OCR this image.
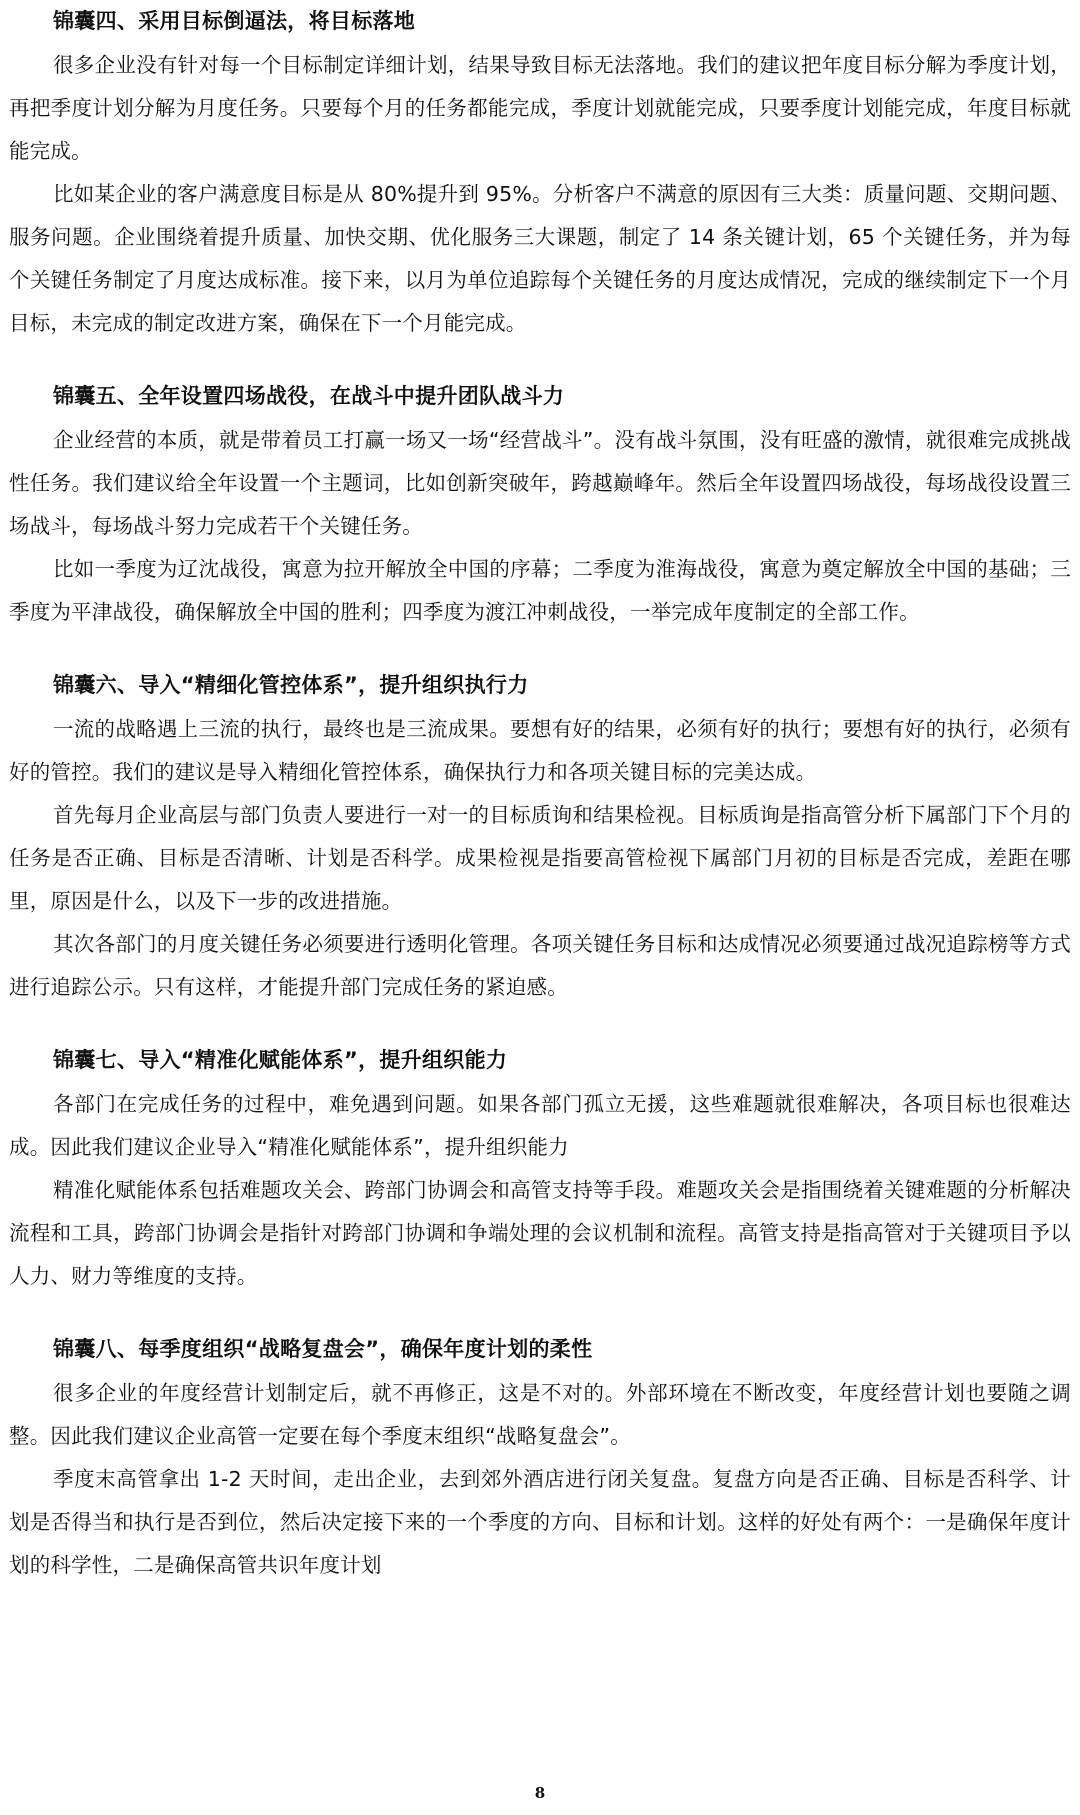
锦囊四、采用目标倒逼法，将目标落地

很多企业没有针对每一个目标制定详细计划，结果导致目标无法落地。我们的建议把年度目标分解为季度计划，再把季度计划分解为月度任务。只要每个月的任务都能完成，季度计划就能完成，只要季度计划能完成，年度目标就能完成。

比如某企业的客户满意度目标是从 80%提升到 95%。分析客户不满意的原因有三大类：质量问题、交期问题、服务问题。企业围绕着提升质量、加快交期、优化服务三大课题，制定了 14 条关键计划，65 个关键任务，并为每个关键任务制定了月度达成标准。接下来，以月为单位追踪每个关键任务的月度达成情况，完成的继续制定下一个月目标，未完成的制定改进方案，确保在下一个月能完成。

锦囊五、全年设置四场战役，在战斗中提升团队战斗力

企业经营的本质，就是带着员工打赢一场又一场“经营战斗”。没有战斗氛围，没有旺盛的激情，就很难完成挑战性任务。我们建议给全年设置一个主题词，比如创新突破年，跨越巅峰年。然后全年设置四场战役，每场战役设置三场战斗，每场战斗努力完成若干个关键任务。

比如一季度为辽沈战役，寓意为拉开解放全中国的序幕；二季度为淮海战役，寓意为奠定解放全中国的基础；三季度为平津战役，确保解放全中国的胜利；四季度为渡江冲刺战役，一举完成年度制定的全部工作。

锦囊六、导入“精细化管控体系”，提升组织执行力

一流的战略遇上三流的执行，最终也是三流成果。要想有好的结果，必须有好的执行；要想有好的执行，必须有好的管控。我们的建议是导入精细化管控体系，确保执行力和各项关键目标的完美达成。

首先每月企业高层与部门负责人要进行一对一的目标质询和结果检视。目标质询是指高管分析下属部门下个月的任务是否正确、目标是否清晰、计划是否科学。成果检视是指要高管检视下属部门月初的目标是否完成，差距在哪里，原因是什么，以及下一步的改进措施。

其次各部门的月度关键任务必须要进行透明化管理。各项关键任务目标和达成情况必须要通过战况追踪榜等方式进行追踪公示。只有这样，才能提升部门完成任务的紧迫感。

锦囊七、导入“精准化赋能体系”，提升组织能力

各部门在完成任务的过程中，难免遇到问题。如果各部门孤立无援，这些难题就很难解决，各项目标也很难达成。因此我们建议企业导入“精准化赋能体系”，提升组织能力

精准化赋能体系包括难题攻关会、跨部门协调会和高管支持等手段。难题攻关会是指围绕着关键难题的分析解决流程和工具，跨部门协调会是指针对跨部门协调和争端处理的会议机制和流程。高管支持是指高管对于关键项目予以人力、财力等维度的支持。

锦囊八、每季度组织“战略复盘会”，确保年度计划的柔性

很多企业的年度经营计划制定后，就不再修正，这是不对的。外部环境在不断改变，年度经营计划也要随之调整。因此我们建议企业高管一定要在每个季度末组织“战略复盘会”。

季度末高管拿出 1-2 天时间，走出企业，去到郊外酒店进行闭关复盘。复盘方向是否正确、目标是否科学、计划是否得当和执行是否到位，然后决定接下来的一个季度的方向、目标和计划。这样的好处有两个：一是确保年度计划的科学性，二是确保高管共识年度计划

8
